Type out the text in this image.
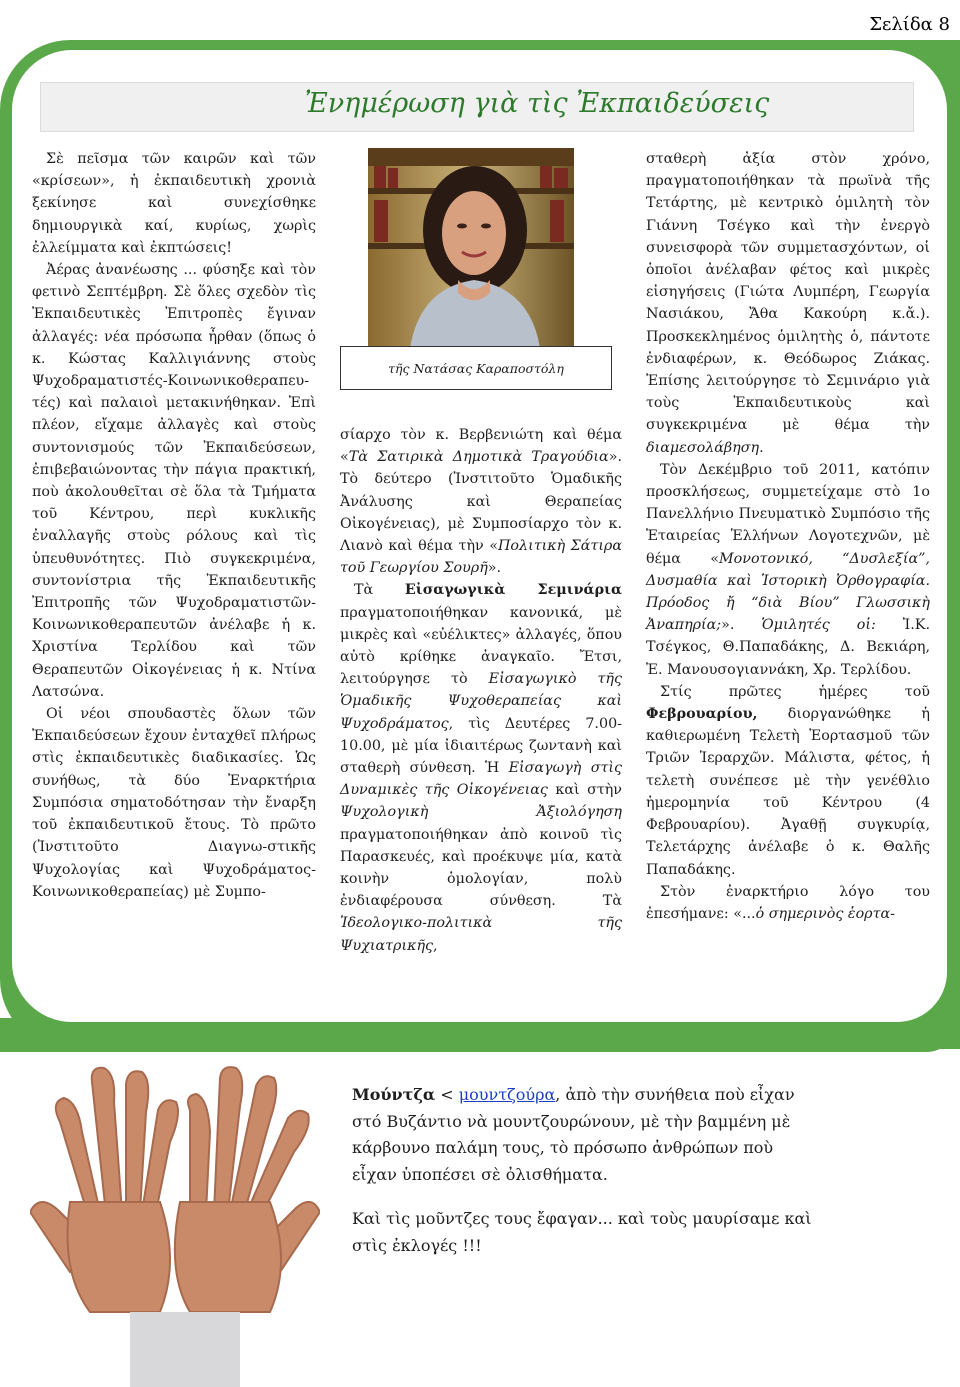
Σελίδα 8
Ἐνημέρωση γιὰ τὶς Ἐκπαιδεύσεις

Σὲ πεῖσμα τῶν καιρῶν καὶ τῶν «κρίσεων», ἡ ἐκπαιδευτικὴ χρονιὰ ξεκίνησε καὶ συνεχίσθηκε δημιουργικὰ καί, κυρίως, χωρὶς ἐλλείμματα καὶ ἐκπτώσεις!

Ἀέρας ἀνανέωσης ... φύσηξε καὶ τὸν φετινὸ Σεπτέμβρη. Σὲ ὅλες σχεδὸν τὶς Ἐκπαιδευτικὲς Ἐπιτροπὲς ἔγιναν ἀλλαγές: νέα πρόσωπα ἦρθαν (ὅπως ὁ κ. Κώστας Καλλιγιάννης στοὺς Ψυχοδραματιστές-Κοινωνικοθεραπευ-τές) καὶ παλαιοὶ μετακινήθηκαν. Ἐπὶ πλέον, εἴχαμε ἀλλαγὲς καὶ στοὺς συντονισμούς τῶν Ἐκπαιδεύσεων, ἐπιβεβαιώνοντας τὴν πάγια πρακτική, ποὺ ἀκολουθεῖται σὲ ὅλα τὰ Τμήματα τοῦ Κέντρου, περὶ κυκλικῆς ἐναλλαγῆς στοὺς ρόλους καὶ τὶς ὑπευθυνότητες. Πιὸ συγκεκριμένα, συντονίστρια τῆς Ἐκπαιδευτικῆς Ἐπιτροπῆς τῶν Ψυχοδραματιστῶν-Κοινωνικοθεραπευτῶν ἀνέλαβε ἡ κ. Χριστίνα Τερλίδου καὶ τῶν Θεραπευτῶν Οἰκογένειας ἡ κ. Ντίνα Λατσώνα.

Οἱ νέοι σπουδαστὲς ὅλων τῶν Ἐκπαιδεύσεων ἔχουν ἐνταχθεῖ πλήρως στὶς ἐκπαιδευτικὲς διαδικασίες. Ὡς συνήθως, τὰ δύο Ἐναρκτήρια Συμπόσια σηματοδότησαν τὴν ἔναρξη τοῦ ἐκπαιδευτικοῦ ἔτους. Τὸ πρῶτο (Ἰνστιτοῦτο Διαγνω-στικῆς Ψυχολογίας καὶ Ψυχοδράματος-Κοινωνικοθεραπείας) μὲ Συμπο-

τῆς Νατάσας Καραποστόλη

σίαρχο τὸν κ. Βερβενιώτη καὶ θέμα «Τὰ Σατιρικὰ Δημοτικὰ Τραγούδια». Τὸ δεύτερο (Ἰνστιτοῦτο Ὁμαδικῆς Ἀνάλυσης καὶ Θεραπείας Οἰκογένειας), μὲ Συμποσίαρχο τὸν κ. Λιανὸ καὶ θέμα τὴν «Πολιτικὴ Σάτιρα τοῦ Γεωργίου Σουρῆ».

Τὰ Εἰσαγωγικὰ Σεμινάρια πραγματοποιήθηκαν κανονικά, μὲ μικρὲς καὶ «εὐέλικτες» ἀλλαγές, ὅπου αὐτὸ κρίθηκε ἀναγκαῖο. Ἔτσι, λειτούργησε τὸ Εἰσαγωγικὸ τῆς Ὁμαδικῆς Ψυχοθεραπείας καὶ Ψυχοδράματος, τὶς Δευτέρες 7.00-10.00, μὲ μία ἰδιαιτέρως ζωντανὴ καὶ σταθερὴ σύνθεση. Ἡ Εἰσαγωγὴ στὶς Δυναμικὲς τῆς Οἰκογένειας καὶ στὴν Ψυχολογικὴ Ἀξιολόγηση πραγματοποιήθηκαν ἀπὸ κοινοῦ τὶς Παρασκευές, καὶ προέκυψε μία, κατὰ κοινὴν ὁμολογίαν, πολὺ ἐνδιαφέρουσα σύνθεση. Τὰ Ἰδεολογικο-πολιτικὰ τῆς Ψυχιατρικῆς,

σταθερὴ ἀξία στὸν χρόνο, πραγματοποιήθηκαν τὰ πρωϊνὰ τῆς Τετάρτης, μὲ κεντρικὸ ὁμιλητὴ τὸν Γιάννη Τσέγκο καὶ τὴν ἐνεργὸ συνεισφορὰ τῶν συμμετασχόντων, οἱ ὁποῖοι ἀνέλαβαν φέτος καὶ μικρὲς εἰσηγήσεις (Γιώτα Λυμπέρη, Γεωργία Νασιάκου, Ἄθα Κακούρη κ.ἄ.). Προσκεκλημένος ὁμιλητὴς ὁ, πάντοτε ἐνδιαφέρων, κ. Θεόδωρος Ζιάκας. Ἐπίσης λειτούργησε τὸ Σεμινάριο γιὰ τοὺς Ἐκπαιδευτικοὺς καὶ συγκεκριμένα μὲ θέμα τὴν διαμεσολάβηση.

Τὸν Δεκέμβριο τοῦ 2011, κατόπιν προσκλήσεως, συμμετείχαμε στὸ 1ο Πανελλήνιο Πνευματικὸ Συμπόσιο τῆς Ἑταιρείας Ἑλλήνων Λογοτεχνῶν, μὲ θέμα «Μονοτονικό, “Δυσλεξία”, Δυσμαθία καὶ Ἱστορικὴ Ὀρθογραφία. Πρόοδος ἤ “διὰ Βίου” Γλωσσικὴ Ἀναπηρία;». Ὁμιλητές οἱ: Ἰ.Κ. Τσέγκος, Θ.Παπαδάκης, Δ. Βεκιάρη, Ἑ. Μανουσογιαννάκη, Χρ. Τερλίδου.

Στίς πρῶτες ἡμέρες τοῦ Φεβρουαρίου, διοργανώθηκε ἡ καθιερωμένη Τελετὴ Ἑορτασμοῦ τῶν Τριῶν Ἱεραρχῶν. Μάλιστα, φέτος, ἡ τελετὴ συνέπεσε μὲ τὴν γενέθλιο ἡμερομηνία τοῦ Κέντρου (4 Φεβρουαρίου). Ἀγαθῇ συγκυρίᾳ, Τελετάρχης ἀνέλαβε ὁ κ. Θαλῆς Παπαδάκης.

Στὸν ἐναρκτήριο λόγο του ἐπεσήμανε: «...ὁ σημερινὸς ἑορτα-

Μούντζα < μουντζούρα, ἀπὸ τὴν συνήθεια ποὺ εἶχαν στό Βυζάντιο νὰ μουντζουρώνουν, μὲ τὴν βαμμένη μὲ κάρβουνο παλάμη τους, τὸ πρόσωπο ἀνθρώπων ποὺ εἶχαν ὑποπέσει σὲ ὀλισθήματα.

Καὶ τὶς μοῦντζες τους ἔφαγαν... καὶ τοὺς μαυρίσαμε καὶ στὶς ἐκλογές !!!
